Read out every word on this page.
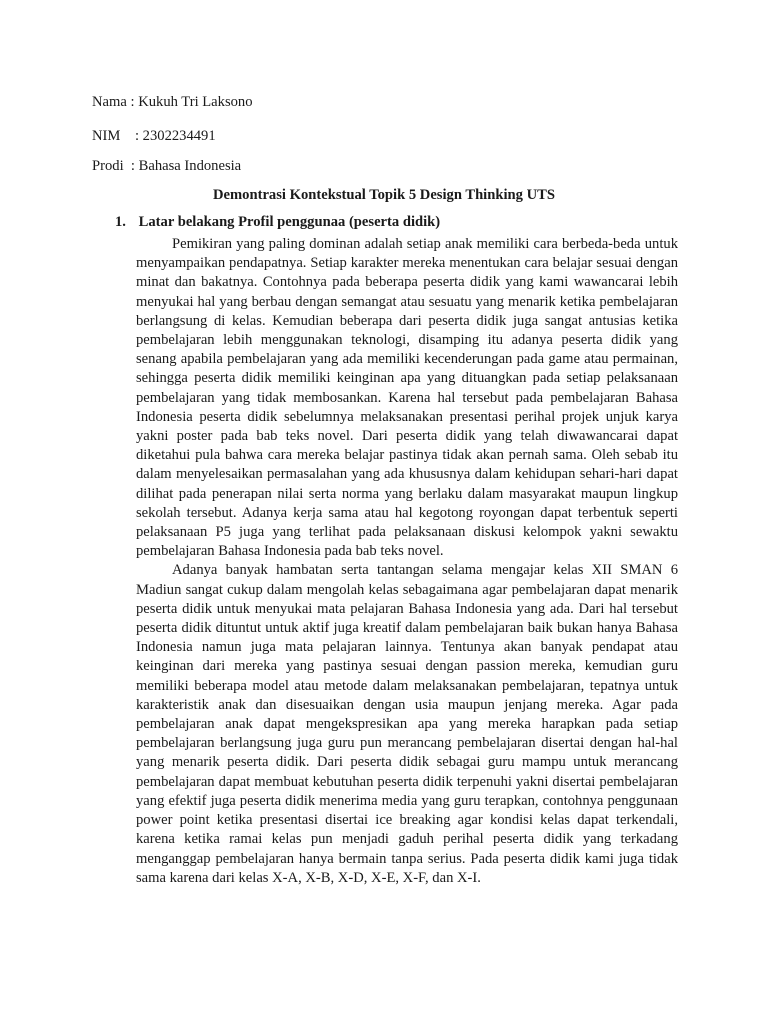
Nama : Kukuh Tri Laksono
NIM    : 2302234491
Prodi  : Bahasa Indonesia
Demontrasi Kontekstual Topik 5 Design Thinking UTS
1. Latar belakang Profil penggunaa (peserta didik)

Pemikiran yang paling dominan adalah setiap anak memiliki cara berbeda-beda untuk menyampaikan pendapatnya. Setiap karakter mereka menentukan cara belajar sesuai dengan minat dan bakatnya. Contohnya pada beberapa peserta didik yang kami wawancarai lebih menyukai hal yang berbau dengan semangat atau sesuatu yang menarik ketika pembelajaran berlangsung di kelas. Kemudian beberapa dari peserta didik juga sangat antusias ketika pembelajaran lebih menggunakan teknologi, disamping itu adanya peserta didik yang senang apabila pembelajaran yang ada memiliki kecenderungan pada game atau permainan, sehingga peserta didik memiliki keinginan apa yang dituangkan pada setiap pelaksanaan pembelajaran yang tidak membosankan. Karena hal tersebut pada pembelajaran Bahasa Indonesia peserta didik sebelumnya melaksanakan presentasi perihal projek unjuk karya yakni poster pada bab teks novel. Dari peserta didik yang telah diwawancarai dapat diketahui pula bahwa cara mereka belajar pastinya tidak akan pernah sama. Oleh sebab itu dalam menyelesaikan permasalahan yang ada khususnya dalam kehidupan sehari-hari dapat dilihat pada penerapan nilai serta norma yang berlaku dalam masyarakat maupun lingkup sekolah tersebut. Adanya kerja sama atau hal kegotong royongan dapat terbentuk seperti pelaksanaan P5 juga yang terlihat pada pelaksanaan diskusi kelompok yakni sewaktu pembelajaran Bahasa Indonesia pada bab teks novel.

Adanya banyak hambatan serta tantangan selama mengajar kelas XII SMAN 6 Madiun sangat cukup dalam mengolah kelas sebagaimana agar pembelajaran dapat menarik peserta didik untuk menyukai mata pelajaran Bahasa Indonesia yang ada. Dari hal tersebut peserta didik dituntut untuk aktif juga kreatif dalam pembelajaran baik bukan hanya Bahasa Indonesia namun juga mata pelajaran lainnya. Tentunya akan banyak pendapat atau keinginan dari mereka yang pastinya sesuai dengan passion mereka, kemudian guru memiliki beberapa model atau metode dalam melaksanakan pembelajaran, tepatnya untuk karakteristik anak dan disesuaikan dengan usia maupun jenjang mereka. Agar pada pembelajaran anak dapat mengekspresikan apa yang mereka harapkan pada setiap pembelajaran berlangsung juga guru pun merancang pembelajaran disertai dengan hal-hal yang menarik peserta didik. Dari peserta didik sebagai guru mampu untuk merancang pembelajaran dapat membuat kebutuhan peserta didik terpenuhi yakni disertai pembelajaran yang efektif juga peserta didik menerima media yang guru terapkan, contohnya penggunaan power point ketika presentasi disertai ice breaking agar kondisi kelas dapat terkendali, karena ketika ramai kelas pun menjadi gaduh perihal peserta didik yang terkadang menganggap pembelajaran hanya bermain tanpa serius. Pada peserta didik kami juga tidak sama karena dari kelas X-A, X-B, X-D, X-E, X-F, dan X-I.
